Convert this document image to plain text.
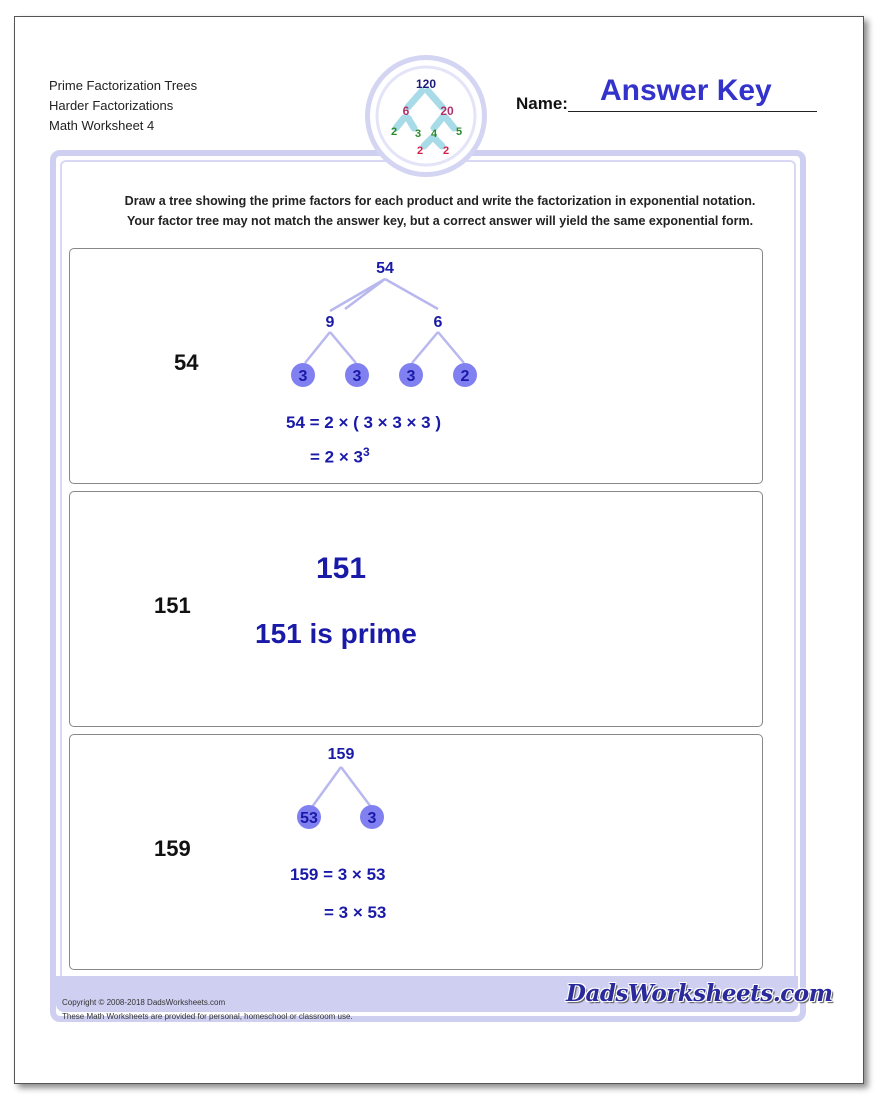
Prime Factorization Trees
Harder Factorizations
Math Worksheet 4
Name: Answer Key
120
6	20
2 3 4 5
2 2
Draw a tree showing the prime factors for each product and write the factorization in exponential notation.
Your factor tree may not match the answer key, but a correct answer will yield the same exponential form.
54
54
9	6
3	3	3	2
54 = 2 × ( 3 × 3 × 3 )
= $2 \times 3^3$
151
151
151 is prime
159
159
53	3
159 = 3 × 53
= 3 × 53
Copyright © 2008-2018 DadsWorksheets.com
These Math Worksheets are provided for personal, homeschool or classroom use.
DadsWorksheets.com
